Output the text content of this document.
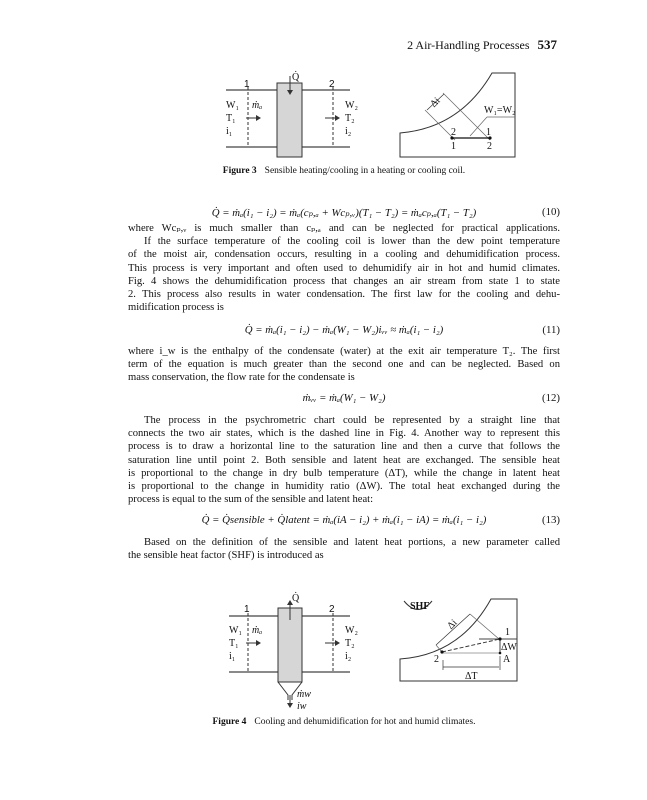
2 Air-Handling Processes 537
Q̇
1	2
W₁
T₁
i₁
ṁₐ	W₂
T₂
i₂
Δi
W₁=W₂
2	1
1	2
Q̇
1	2
W₁
T₁
i₁
ṁₐ	W₂
T₂
i₂
ṁw
iw
SHF
Δi
1
2
ΔW
A
ΔT
Figure 3 Sensible heating/cooling in a heating or cooling coil.
Q̇ = ṁₐ(i₁ − i₂) = ṁₐ(cₚ,ₐ + Wcₚ,ᵥ)(T₁ − T₂) = ṁₐcₚ,ₐ(T₁ − T₂)	(10)
where Wcₚ,ᵥ is much smaller than cₚ,ₐ and can be neglected for practical applications.
If the surface temperature of the cooling coil is lower than the dew point temperature
of the moist air, condensation occurs, resulting in a cooling and dehumidification process.
This process is very important and often used to dehumidify air in hot and humid climates.
Fig. 4 shows the dehumidification process that changes an air stream from state 1 to state
2. This process also results in water condensation. The first law for the cooling and dehu-
midification process is
Q̇ = ṁₐ(i₁ − i₂) − ṁₐ(W₁ − W₂)iᵥᵥ ≈ ṁₐ(i₁ − i₂)	(11)
where i_w is the enthalpy of the condensate (water) at the exit air temperature T₂. The first
term of the equation is much greater than the second one and can be neglected. Based on
mass conservation, the flow rate for the condensate is
ṁᵥᵥ = ṁₐ(W₁ − W₂)	(12)
The process in the psychrometric chart could be represented by a straight line that
connects the two air states, which is the dashed line in Fig. 4. Another way to represent this
process is to draw a horizontal line to the saturation line and then a curve that follows the
saturation line until point 2. Both sensible and latent heat are exchanged. The sensible heat
is proportional to the change in dry bulb temperature (ΔT), while the change in latent heat
is proportional to the change in humidity ratio (ΔW). The total heat exchanged during the
process is equal to the sum of the sensible and latent heat:
Q̇ = Q̇sensible + Q̇latent = ṁₐ(iA − i₂) + ṁₐ(i₁ − iA) = ṁₐ(i₁ − i₂)	(13)
Based on the definition of the sensible and latent heat portions, a new parameter called
the sensible heat factor (SHF) is introduced as
Figure 4 Cooling and dehumidification for hot and humid climates.
